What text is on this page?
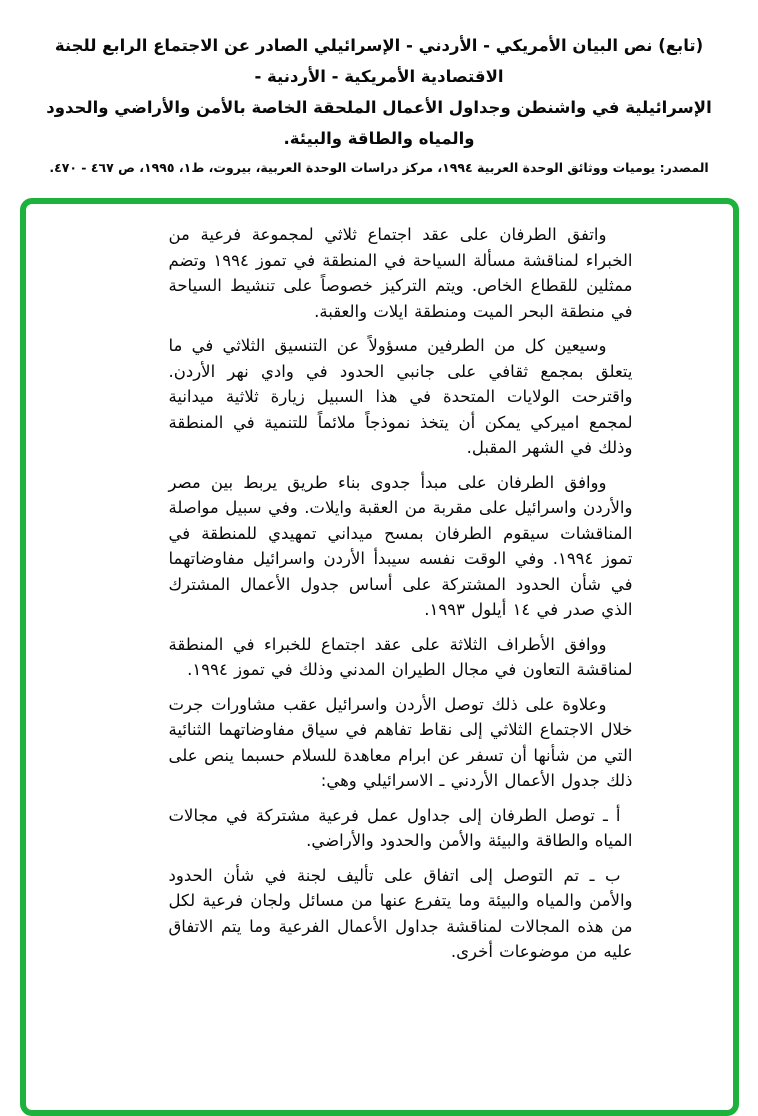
(تابع) نص البيان الأمريكي - الأردني - الإسرائيلي الصادر عن الاجتماع الرابع للجنة الاقتصادية الأمريكية - الأردنية -
الإسرائيلية في واشنطن وجداول الأعمال الملحقة الخاصة بالأمن والأراضي والحدود والمياه والطاقة والبيئة.
المصدر: يوميات ووثائق الوحدة العربية ١٩٩٤، مركز دراسات الوحدة العربية، بيروت، ط١، ١٩٩٥، ص ٤٦٧ - ٤٧٠.

واتفق الطرفان على عقد اجتماع ثلاثي لمجموعة فرعية من الخبراء لمناقشة مسألة السياحة في المنطقة في تموز ١٩٩٤ وتضم ممثلين للقطاع الخاص. ويتم التركيز خصوصاً على تنشيط السياحة في منطقة البحر الميت ومنطقة ايلات والعقبة.

وسيعين كل من الطرفين مسؤولاً عن التنسيق الثلاثي في ما يتعلق بمجمع ثقافي على جانبي الحدود في وادي نهر الأردن. واقترحت الولايات المتحدة في هذا السبيل زيارة ثلاثية ميدانية لمجمع اميركي يمكن أن يتخذ نموذجاً ملائماً للتنمية في المنطقة وذلك في الشهر المقبل.

ووافق الطرفان على مبدأ جدوى بناء طريق يربط بين مصر والأردن واسرائيل على مقربة من العقبة وايلات. وفي سبيل مواصلة المناقشات سيقوم الطرفان بمسح ميداني تمهيدي للمنطقة في تموز ١٩٩٤. وفي الوقت نفسه سيبدأ الأردن واسرائيل مفاوضاتهما في شأن الحدود المشتركة على أساس جدول الأعمال المشترك الذي صدر في ١٤ أيلول ١٩٩٣.

ووافق الأطراف الثلاثة على عقد اجتماع للخبراء في المنطقة لمناقشة التعاون في مجال الطيران المدني وذلك في تموز ١٩٩٤.

وعلاوة على ذلك توصل الأردن واسرائيل عقب مشاورات جرت خلال الاجتماع الثلاثي إلى نقاط تفاهم في سياق مفاوضاتهما الثنائية التي من شأنها أن تسفر عن ابرام معاهدة للسلام حسبما ينص على ذلك جدول الأعمال الأردني ـ الاسرائيلي وهي:

أ ـ توصل الطرفان إلى جداول عمل فرعية مشتركة في مجالات المياه والطاقة والبيئة والأمن والحدود والأراضي.

ب ـ تم التوصل إلى اتفاق على تأليف لجنة في شأن الحدود والأمن والمياه والبيئة وما يتفرع عنها من مسائل ولجان فرعية لكل من هذه المجالات لمناقشة جداول الأعمال الفرعية وما يتم الاتفاق عليه من موضوعات أخرى.
